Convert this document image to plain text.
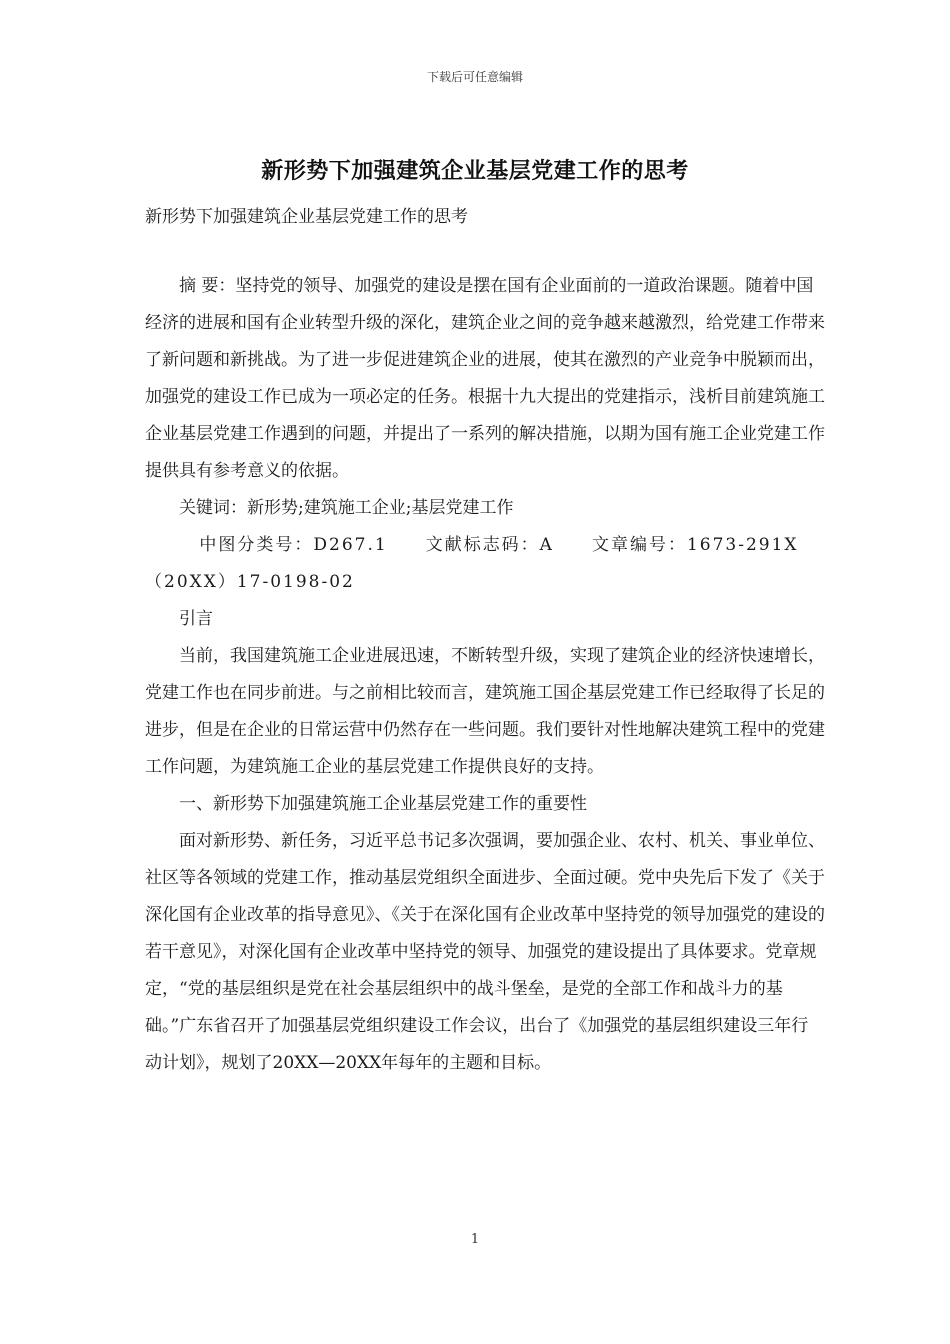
下载后可任意编辑
新形势下加强建筑企业基层党建工作的思考
新形势下加强建筑企业基层党建工作的思考

摘 要：坚持党的领导、加强党的建设是摆在国有企业面前的一道政治课题。随着中国经济的进展和国有企业转型升级的深化，建筑企业之间的竞争越来越激烈，给党建工作带来了新问题和新挑战。为了进一步促进建筑企业的进展，使其在激烈的产业竞争中脱颖而出，加强党的建设工作已成为一项必定的任务。根据十九大提出的党建指示，浅析目前建筑施工企业基层党建工作遇到的问题，并提出了一系列的解决措施，以期为国有施工企业党建工作提供具有参考意义的依据。

关键词：新形势;建筑施工企业;基层党建工作

中图分类号：D267.1　　文献标志码：A　　文章编号：1673-291X（20XX）17-0198-02

引言

当前，我国建筑施工企业进展迅速，不断转型升级，实现了建筑企业的经济快速增长，党建工作也在同步前进。与之前相比较而言，建筑施工国企基层党建工作已经取得了长足的进步，但是在企业的日常运营中仍然存在一些问题。我们要针对性地解决建筑工程中的党建工作问题，为建筑施工企业的基层党建工作提供良好的支持。

一、新形势下加强建筑施工企业基层党建工作的重要性

面对新形势、新任务，习近平总书记多次强调，要加强企业、农村、机关、事业单位、社区等各领域的党建工作，推动基层党组织全面进步、全面过硬。党中央先后下发了《关于深化国有企业改革的指导意见》、《关于在深化国有企业改革中坚持党的领导加强党的建设的若干意见》，对深化国有企业改革中坚持党的领导、加强党的建设提出了具体要求。党章规定，“党的基层组织是党在社会基层组织中的战斗堡垒，是党的全部工作和战斗力的基础。”广东省召开了加强基层党组织建设工作会议，出台了《加强党的基层组织建设三年行动计划》，规划了20XX—20XX年每年的主题和目标。

1
